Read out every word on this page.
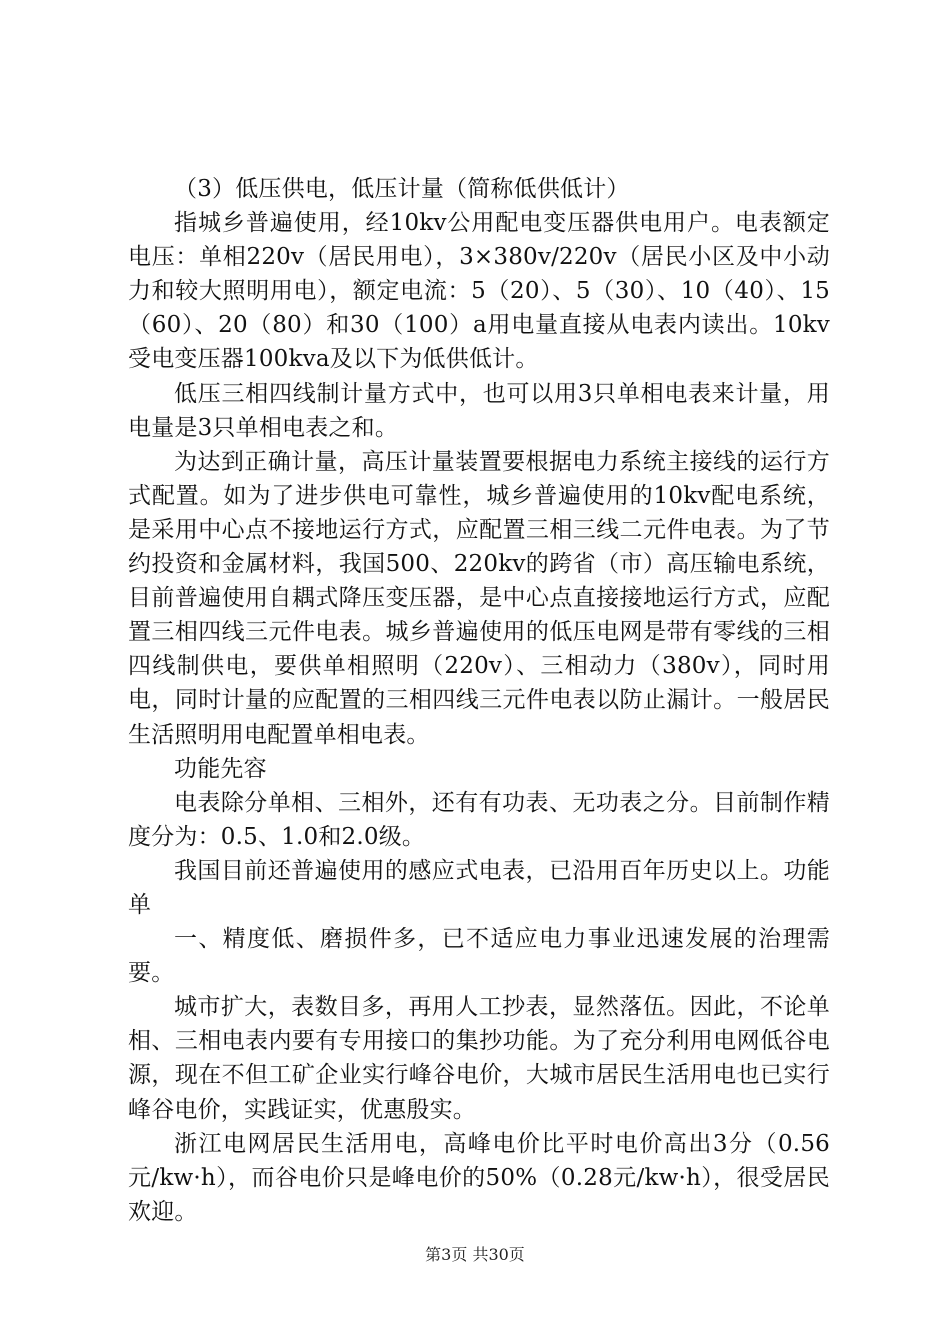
（3）低压供电，低压计量（简称低供低计）

指城乡普遍使用，经10kv公用配电变压器供电用户。电表额定电压：单相220v（居民用电），3×380v/220v（居民小区及中小动力和较大照明用电），额定电流：5（20）、5（30）、10（40）、15（60）、20（80）和30（100）a用电量直接从电表内读出。10kv受电变压器100kva及以下为低供低计。

低压三相四线制计量方式中，也可以用3只单相电表来计量，用电量是3只单相电表之和。

为达到正确计量，高压计量装置要根据电力系统主接线的运行方式配置。如为了进步供电可靠性，城乡普遍使用的10kv配电系统，是采用中心点不接地运行方式，应配置三相三线二元件电表。为了节约投资和金属材料，我国500、220kv的跨省（市）高压输电系统，目前普遍使用自耦式降压变压器，是中心点直接接地运行方式，应配置三相四线三元件电表。城乡普遍使用的低压电网是带有零线的三相四线制供电，要供单相照明（220v）、三相动力（380v），同时用电，同时计量的应配置的三相四线三元件电表以防止漏计。一般居民生活照明用电配置单相电表。

功能先容

电表除分单相、三相外，还有有功表、无功表之分。目前制作精度分为：0.5、1.0和2.0级。

我国目前还普遍使用的感应式电表，已沿用百年历史以上。功能单

一、精度低、磨损件多，已不适应电力事业迅速发展的治理需要。

城市扩大，表数目多，再用人工抄表，显然落伍。因此，不论单相、三相电表内要有专用接口的集抄功能。为了充分利用电网低谷电源，现在不但工矿企业实行峰谷电价，大城市居民生活用电也已实行峰谷电价，实践证实，优惠殷实。

浙江电网居民生活用电，高峰电价比平时电价高出3分（0.56元/kw·h），而谷电价只是峰电价的50%（0.28元/kw·h），很受居民欢迎。

第3页 共30页
